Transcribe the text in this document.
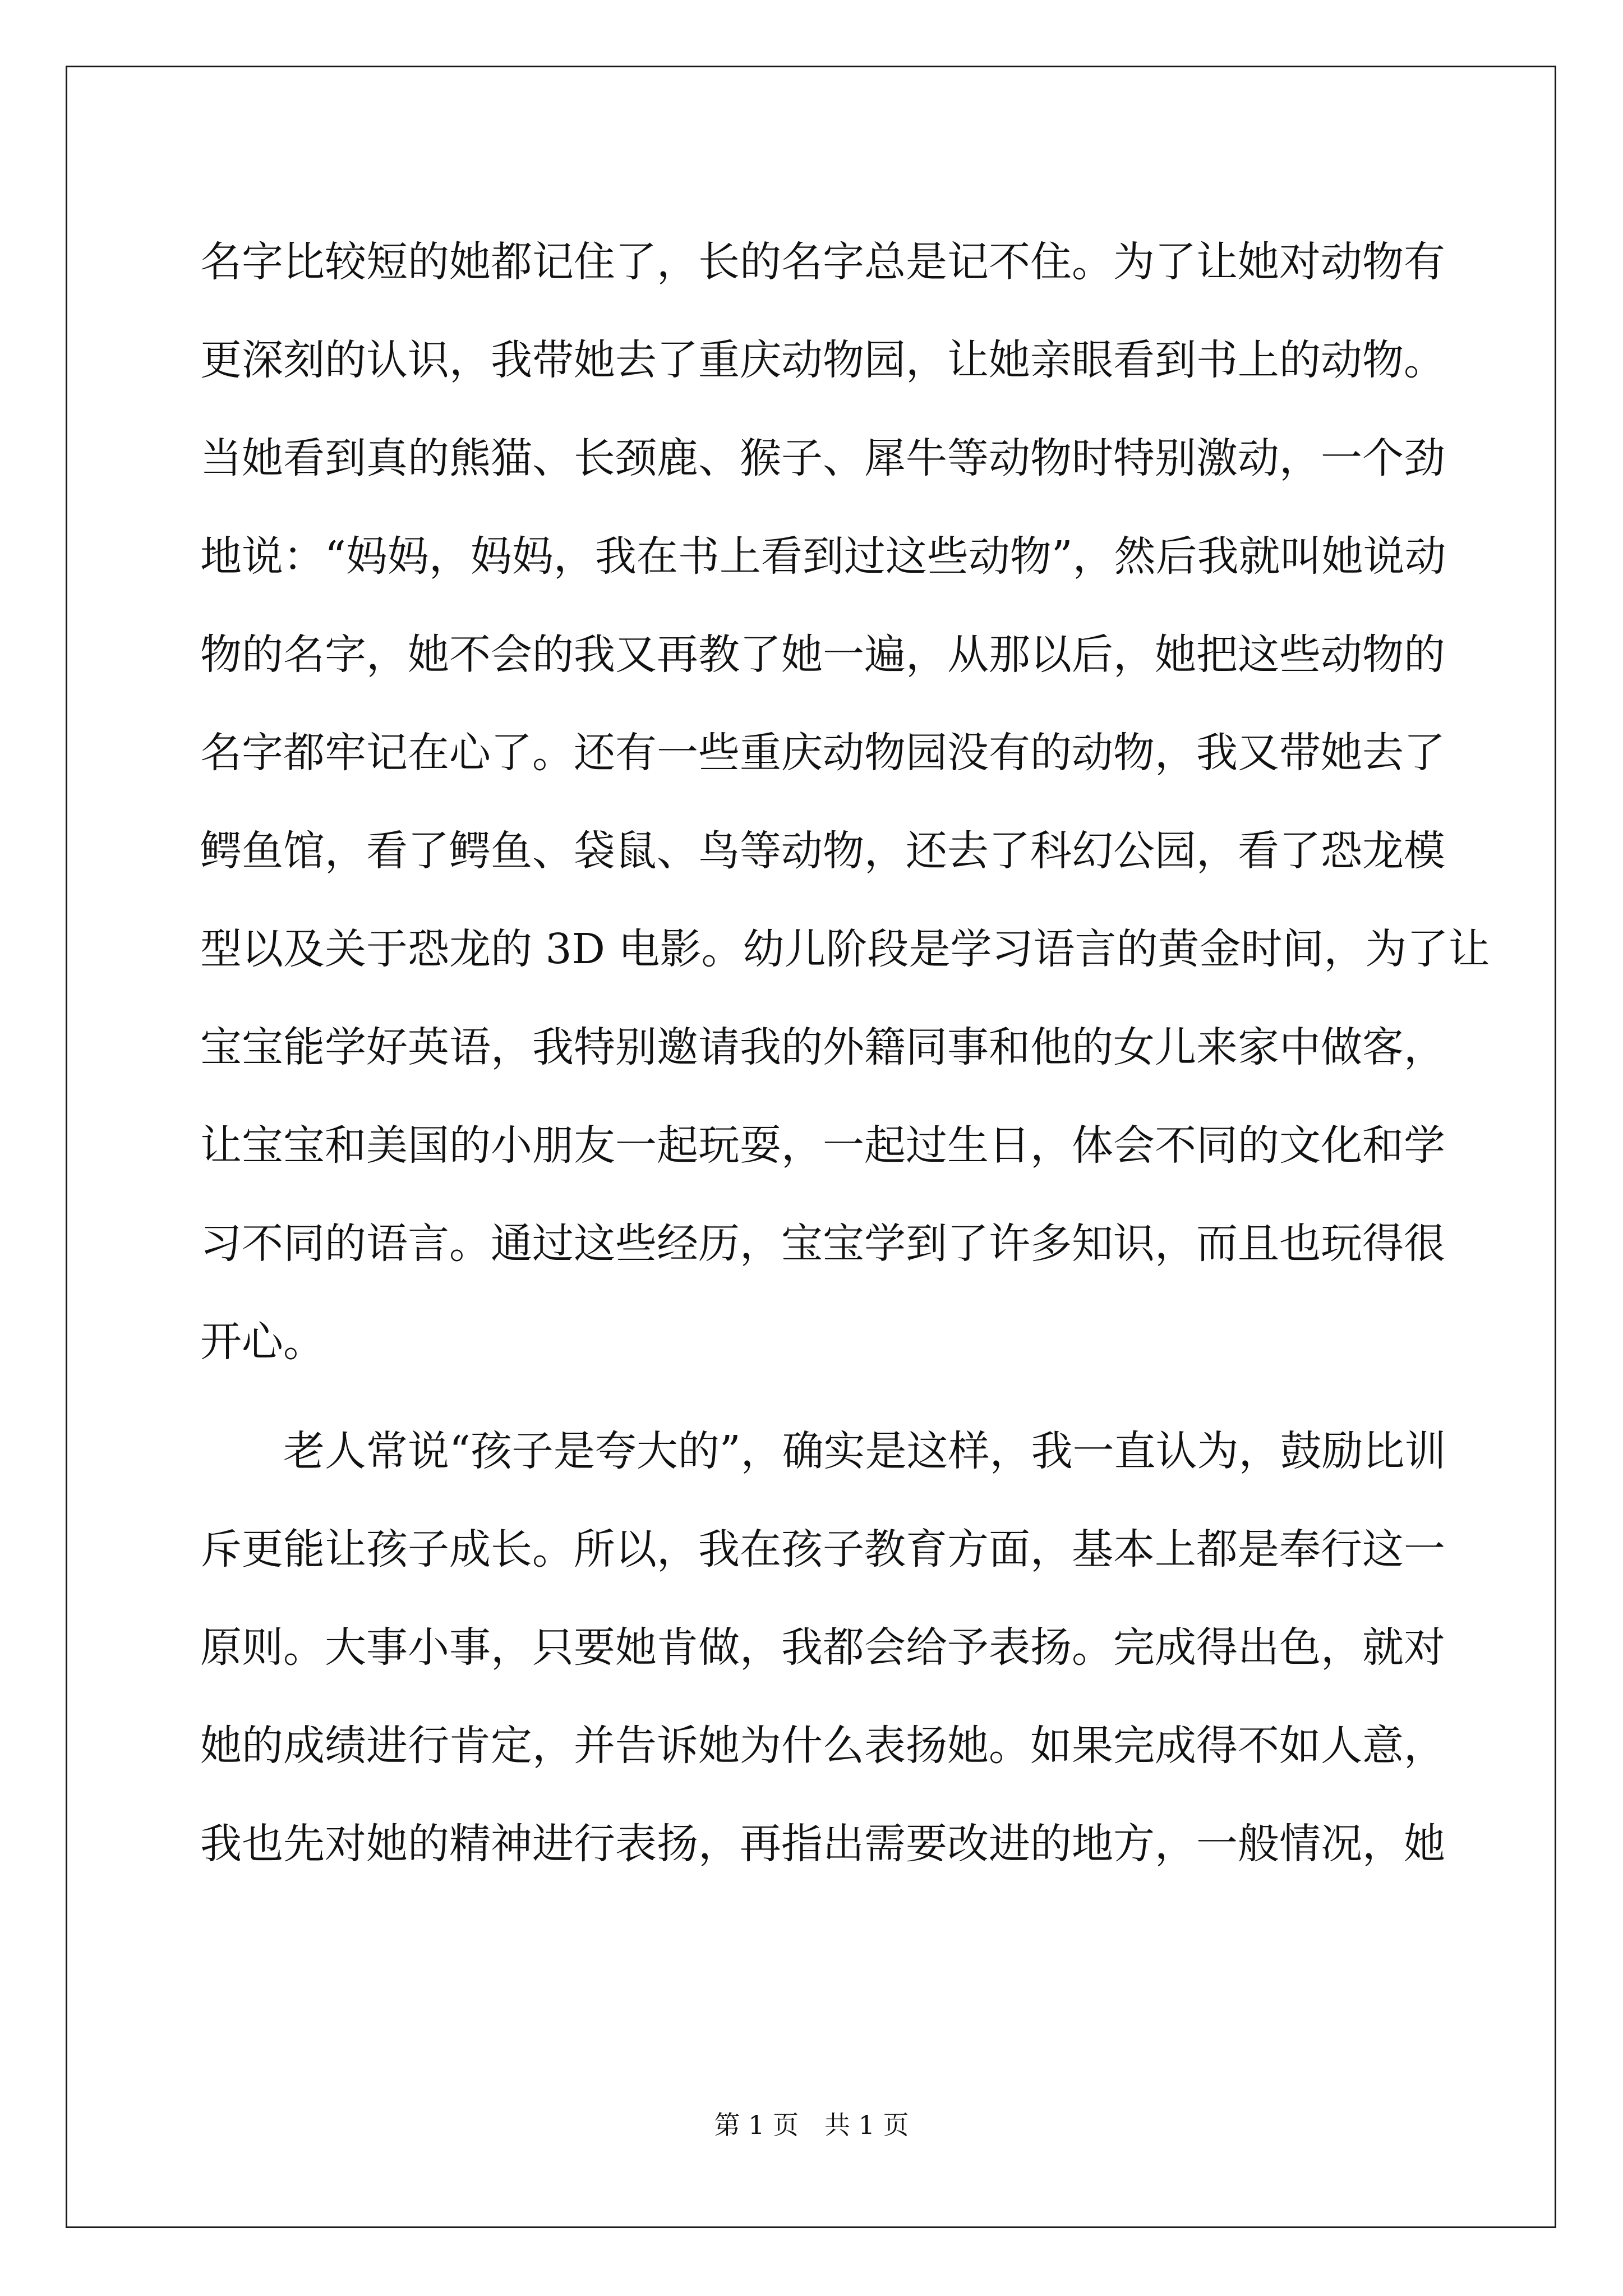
名字比较短的她都记住了，长的名字总是记不住。为了让她对动物有

更深刻的认识，我带她去了重庆动物园，让她亲眼看到书上的动物。

当她看到真的熊猫、长颈鹿、猴子、犀牛等动物时特别激动，一个劲

地说：“妈妈，妈妈，我在书上看到过这些动物”，然后我就叫她说动

物的名字，她不会的我又再教了她一遍，从那以后，她把这些动物的

名字都牢记在心了。还有一些重庆动物园没有的动物，我又带她去了

鳄鱼馆，看了鳄鱼、袋鼠、鸟等动物，还去了科幻公园，看了恐龙模

型以及关于恐龙的 3D 电影。幼儿阶段是学习语言的黄金时间，为了让

宝宝能学好英语，我特别邀请我的外籍同事和他的女儿来家中做客，

让宝宝和美国的小朋友一起玩耍，一起过生日，体会不同的文化和学

习不同的语言。通过这些经历，宝宝学到了许多知识，而且也玩得很

开心。

老人常说“孩子是夸大的”，确实是这样，我一直认为，鼓励比训

斥更能让孩子成长。所以，我在孩子教育方面，基本上都是奉行这一

原则。大事小事，只要她肯做，我都会给予表扬。完成得出色，就对

她的成绩进行肯定，并告诉她为什么表扬她。如果完成得不如人意，

我也先对她的精神进行表扬，再指出需要改进的地方，一般情况，她

第 1 页　共 1 页
